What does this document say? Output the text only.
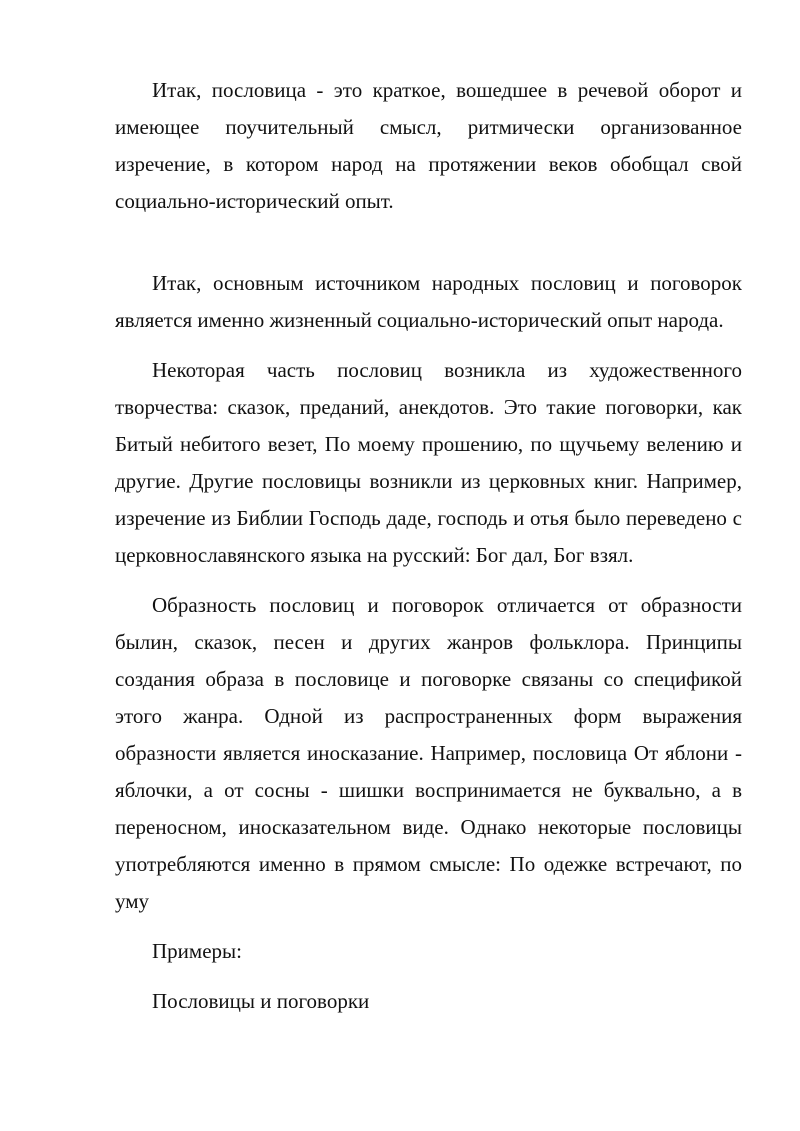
Итак, пословица - это краткое, вошедшее в речевой оборот и имеющее поучительный смысл, ритмически организованное изречение, в котором народ на протяжении веков обобщал свой социально-исторический опыт.

Итак, основным источником народных пословиц и поговорок является именно жизненный социально-исторический опыт народа.

Некоторая часть пословиц возникла из художественного творчества: сказок, преданий, анекдотов. Это такие поговорки, как Битый небитого везет, По моему прошению, по щучьему велению и другие. Другие пословицы возникли из церковных книг. Например, изречение из Библии Господь даде, господь и отья было переведено с церковнославянского языка на русский: Бог дал, Бог взял.

Образность пословиц и поговорок отличается от образности былин, сказок, песен и других жанров фольклора. Принципы создания образа в пословице и поговорке связаны со спецификой этого жанра. Одной из распространенных форм выражения образности является иносказание. Например, пословица От яблони - яблочки, а от сосны - шишки воспринимается не буквально, а в переносном, иносказательном виде. Однако некоторые пословицы употребляются именно в прямом смысле: По одежке встречают, по уму

Примеры:

Пословицы и поговорки
